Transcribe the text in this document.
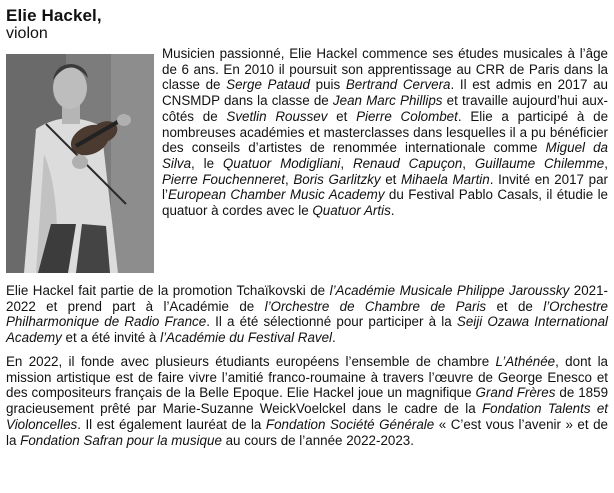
Elie Hackel,
violon

Musicien passionné, Elie Hackel commence ses études musicales à l’âge de 6 ans. En 2010 il poursuit son apprentissage au CRR de Paris dans la classe de Serge Pataud puis Bertrand Cervera. Il est admis en 2017 au CNSMDP dans la classe de Jean Marc Phillips et travaille aujourd’hui aux-côtés de Svetlin Roussev et Pierre Colombet. Elie a participé à de nombreuses académies et masterclasses dans lesquelles il a pu bénéficier des conseils d’artistes de renommée internationale comme Miguel da Silva, le Quatuor Modigliani, Renaud Capuçon, Guillaume Chilemme, Pierre Fouchenneret, Boris Garlitzky et Mihaela Martin. Invité en 2017 par l’European Chamber Music Academy du Festival Pablo Casals, il étudie le quatuor à cordes avec le Quatuor Artis.

Elie Hackel fait partie de la promotion Tchaïkovski de l’Académie Musicale Philippe Jaroussky 2021-2022 et prend part à l’Académie de l’Orchestre de Chambre de Paris et de l’Orchestre Philharmonique de Radio France. Il a été sélectionné pour participer à la Seiji Ozawa International Academy et a été invité à l’Académie du Festival Ravel.

En 2022, il fonde avec plusieurs étudiants européens l’ensemble de chambre L’Athénée, dont la mission artistique est de faire vivre l’amitié franco-roumaine à travers l’œuvre de George Enesco et des compositeurs français de la Belle Epoque. Elie Hackel joue un magnifique Grand Frères de 1859 gracieusement prêté par Marie-Suzanne WeickVoelckel dans le cadre de la Fondation Talents et Violoncelles. Il est également lauréat de la Fondation Société Générale « C’est vous l’avenir » et de la Fondation Safran pour la musique au cours de l’année 2022-2023.
